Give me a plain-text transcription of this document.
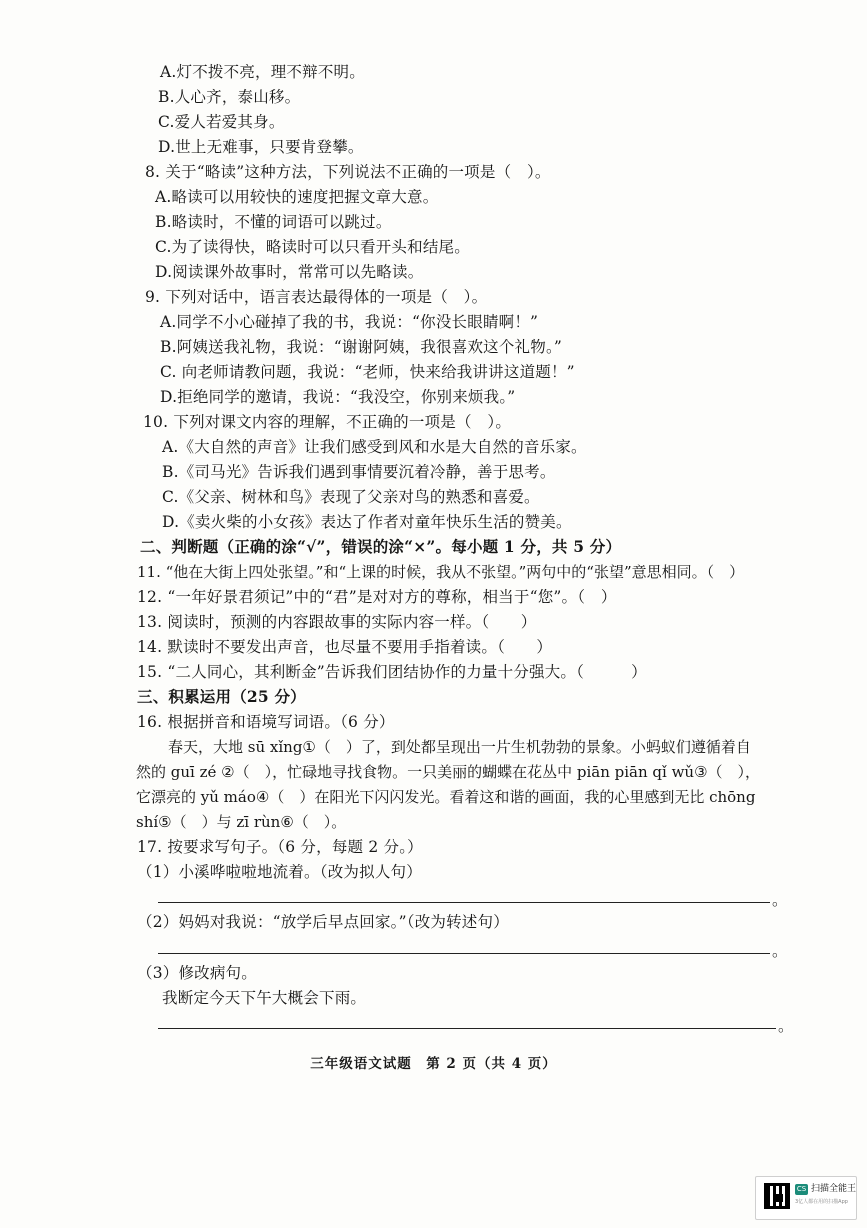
A.灯不拨不亮，理不辩不明。
B.人心齐，泰山移。
C.爱人若爱其身。
D.世上无难事，只要肯登攀。
8. 关于“略读”这种方法，下列说法不正确的一项是（　）。
A.略读可以用较快的速度把握文章大意。
B.略读时，不懂的词语可以跳过。
C.为了读得快，略读时可以只看开头和结尾。
D.阅读课外故事时，常常可以先略读。
9. 下列对话中，语言表达最得体的一项是（　）。
A.同学不小心碰掉了我的书，我说：“你没长眼睛啊！”
B.阿姨送我礼物，我说：“谢谢阿姨，我很喜欢这个礼物。”
C. 向老师请教问题，我说：“老师，快来给我讲讲这道题！”
D.拒绝同学的邀请，我说：“我没空，你别来烦我。”
10. 下列对课文内容的理解，不正确的一项是（　）。
A.《大自然的声音》让我们感受到风和水是大自然的音乐家。
B.《司马光》告诉我们遇到事情要沉着冷静，善于思考。
C.《父亲、树林和鸟》表现了父亲对鸟的熟悉和喜爱。
D.《卖火柴的小女孩》表达了作者对童年快乐生活的赞美。
二、判断题（正确的涂“√”，错误的涂“×”。每小题 1 分，共 5 分）
11. “他在大街上四处张望。”和“上课的时候，我从不张望。”两句中的“张望”意思相同。（　）
12. “一年好景君须记”中的“君”是对对方的尊称，相当于“您”。（　）
13. 阅读时，预测的内容跟故事的实际内容一样。（　　）
14. 默读时不要发出声音，也尽量不要用手指着读。（　　）
15. “二人同心，其利断金”告诉我们团结协作的力量十分强大。（　　　）
三、积累运用（25 分）
16. 根据拼音和语境写词语。（6 分）
春天，大地 sū xǐng①（　）了，到处都呈现出一片生机勃勃的景象。小蚂蚁们遵循着自
然的 guī zé ②（　），忙碌地寻找食物。一只美丽的蝴蝶在花丛中 piān piān qǐ wǔ③（　），
它漂亮的 yǔ máo④（　）在阳光下闪闪发光。看着这和谐的画面，我的心里感到无比 chōng
shí⑤（　）与 zī rùn⑥（　）。
17. 按要求写句子。（6 分，每题 2 分。）
（1）小溪哗啦啦地流着。（改为拟人句）
。
（2）妈妈对我说：“放学后早点回家。”（改为转述句）
。
（3）修改病句。
我断定今天下午大概会下雨。
。
三年级语文试题　第 2 页（共 4 页）
CS 扫描全能王
3亿人都在用的扫描App
